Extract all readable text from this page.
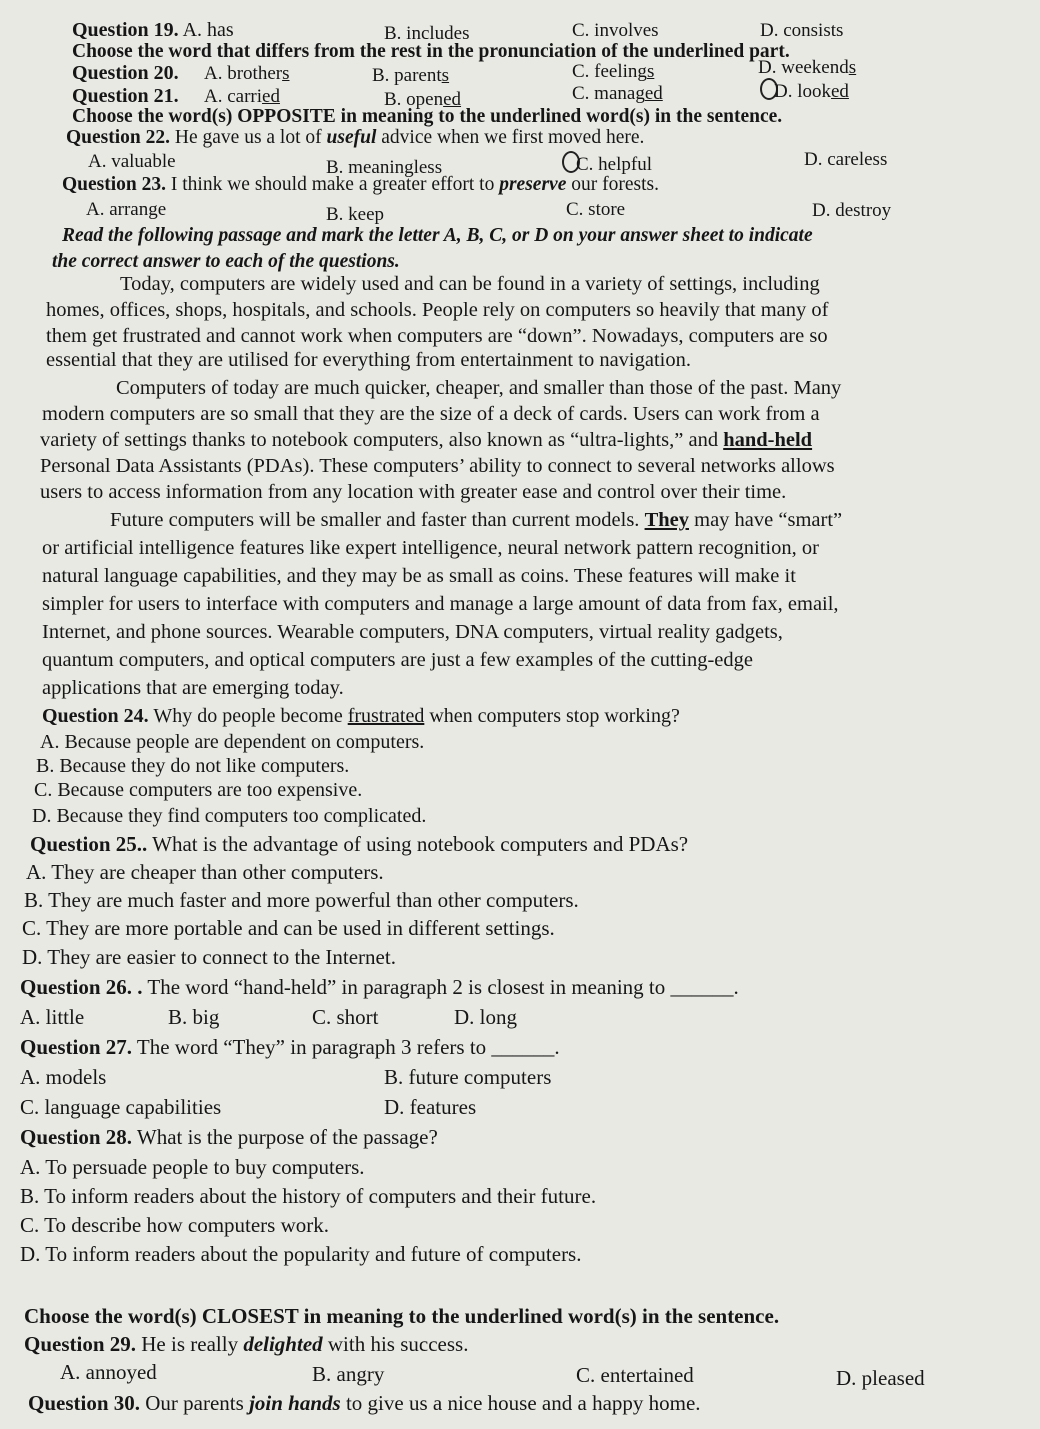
Question 19. A. has	B. includes	C. involves	D. consists
Choose the word that differs from the rest in the pronunciation of the underlined part.
Question 20. A. brothers	B. parents	C. feelings	D. weekends
Question 21. A. carried	B. opened	C. managed	D. looked
Choose the word(s) OPPOSITE in meaning to the underlined word(s) in the sentence.
Question 22. He gave us a lot of useful advice when we first moved here.
A. valuable	B. meaningless	C. helpful	D. careless
Question 23. I think we should make a greater effort to preserve our forests.
A. arrange	B. keep	C. store	D. destroy
Read the following passage and mark the letter A, B, C, or D on your answer sheet to indicate
the correct answer to each of the questions.
Today, computers are widely used and can be found in a variety of settings, including
homes, offices, shops, hospitals, and schools. People rely on computers so heavily that many of
them get frustrated and cannot work when computers are “down”. Nowadays, computers are so
essential that they are utilised for everything from entertainment to navigation.
Computers of today are much quicker, cheaper, and smaller than those of the past. Many
modern computers are so small that they are the size of a deck of cards. Users can work from a
variety of settings thanks to notebook computers, also known as “ultra-lights,” and hand-held
Personal Data Assistants (PDAs). These computers’ ability to connect to several networks allows
users to access information from any location with greater ease and control over their time.
Future computers will be smaller and faster than current models. They may have “smart”
or artificial intelligence features like expert intelligence, neural network pattern recognition, or
natural language capabilities, and they may be as small as coins. These features will make it
simpler for users to interface with computers and manage a large amount of data from fax, email,
Internet, and phone sources. Wearable computers, DNA computers, virtual reality gadgets,
quantum computers, and optical computers are just a few examples of the cutting-edge
applications that are emerging today.
Question 24. Why do people become frustrated when computers stop working?
A. Because people are dependent on computers.
B. Because they do not like computers.
C. Because computers are too expensive.
D. Because they find computers too complicated.
Question 25.. What is the advantage of using notebook computers and PDAs?
A. They are cheaper than other computers.
B. They are much faster and more powerful than other computers.
C. They are more portable and can be used in different settings.
D. They are easier to connect to the Internet.
Question 26. . The word “hand-held” in paragraph 2 is closest in meaning to ______.
A. little	B. big	C. short	D. long
Question 27. The word “They” in paragraph 3 refers to ______.
A. models	B. future computers
C. language capabilities	D. features
Question 28. What is the purpose of the passage?
A. To persuade people to buy computers.
B. To inform readers about the history of computers and their future.
C. To describe how computers work.
D. To inform readers about the popularity and future of computers.
Choose the word(s) CLOSEST in meaning to the underlined word(s) in the sentence.
Question 29. He is really delighted with his success.
A. annoyed	B. angry	C. entertained	D. pleased
Question 30. Our parents join hands to give us a nice house and a happy home.
